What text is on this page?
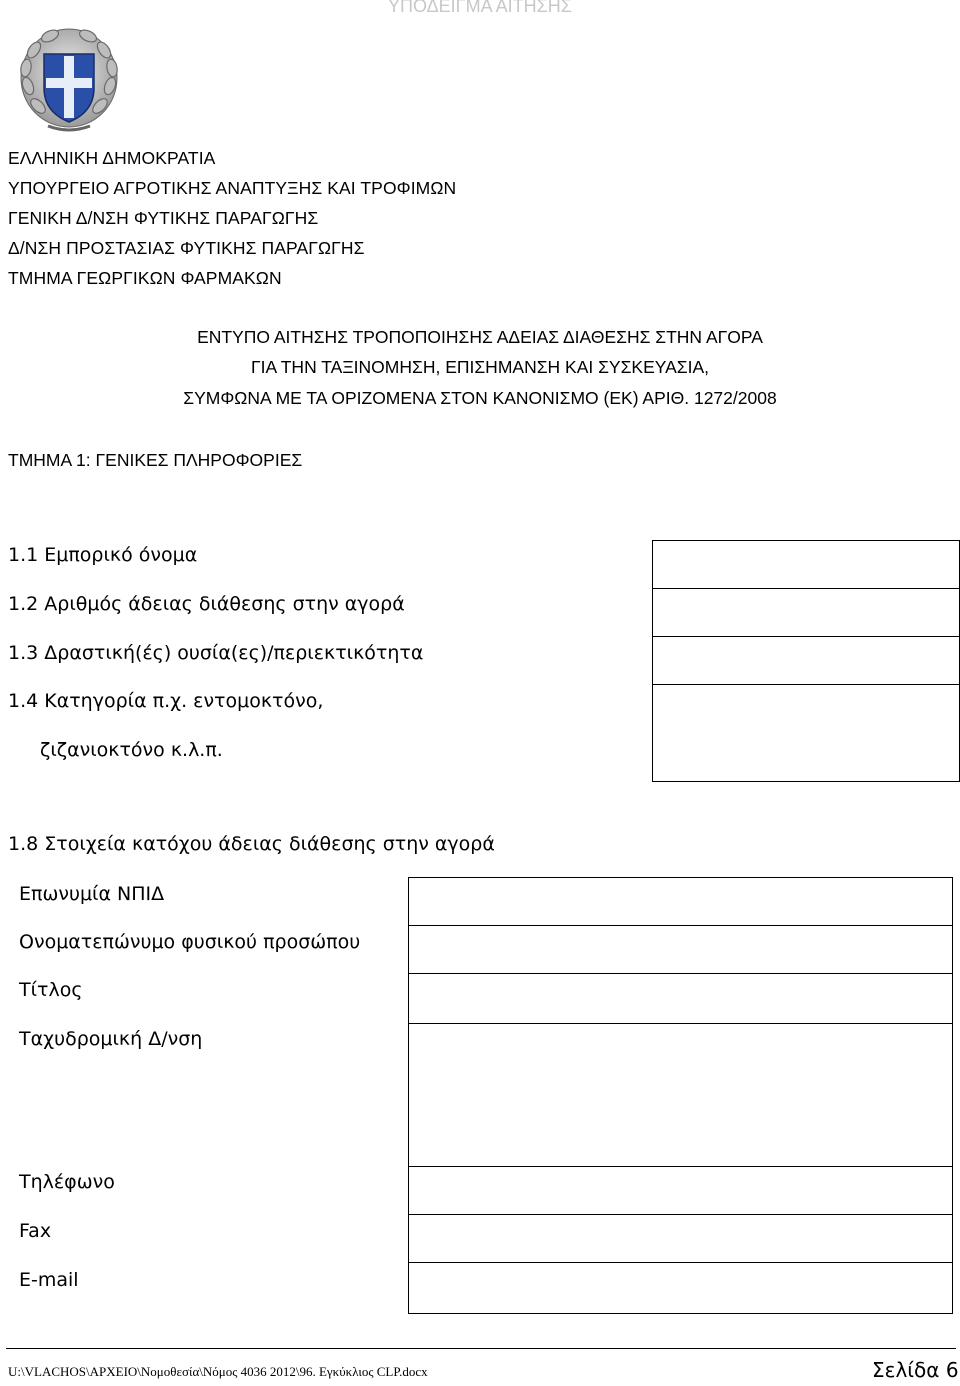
ΥΠΟΔΕΙΓΜΑ ΑΙΤΗΣΗΣ
ΕΛΛΗΝΙΚΗ ΔΗΜΟΚΡΑΤΙΑ
ΥΠΟΥΡΓΕΙΟ ΑΓΡΟΤΙΚΗΣ ΑΝΑΠΤΥΞΗΣ ΚΑΙ ΤΡΟΦΙΜΩΝ
ΓΕΝΙΚΗ Δ/ΝΣΗ ΦΥΤΙΚΗΣ ΠΑΡΑΓΩΓΗΣ
Δ/ΝΣΗ ΠΡΟΣΤΑΣΙΑΣ ΦΥΤΙΚΗΣ ΠΑΡΑΓΩΓΗΣ
ΤΜΗΜΑ ΓΕΩΡΓΙΚΩΝ ΦΑΡΜΑΚΩΝ
ΕΝΤΥΠΟ ΑΙΤΗΣΗΣ ΤΡΟΠΟΠΟΙΗΣΗΣ ΑΔΕΙΑΣ ΔΙΑΘΕΣΗΣ ΣΤΗΝ ΑΓΟΡΑ
ΓΙΑ ΤΗΝ ΤΑΞΙΝΟΜΗΣΗ, ΕΠΙΣΗΜΑΝΣΗ ΚΑΙ ΣΥΣΚΕΥΑΣΙΑ,
ΣΥΜΦΩΝΑ ΜΕ ΤΑ ΟΡΙΖΟΜΕΝΑ ΣΤΟΝ ΚΑΝΟΝΙΣΜΟ (ΕΚ) ΑΡΙΘ. 1272/2008
ΤΜΗΜΑ 1: ΓΕΝΙΚΕΣ ΠΛΗΡΟΦΟΡΙΕΣ
1.1 Εμπορικό όνομα
1.2 Αριθμός άδειας διάθεσης στην αγορά
1.3 Δραστική(ές) ουσία(ες)/περιεκτικότητα
1.4 Κατηγορία π.χ. εντομοκτόνο,
ζιζανιοκτόνο κ.λ.π.
1.8 Στοιχεία κατόχου άδειας διάθεσης στην αγορά
Επωνυμία ΝΠΙΔ
Ονοματεπώνυμο φυσικού προσώπου
Τίτλος
Ταχυδρομική Δ/νση
Τηλέφωνο
Fax
E-mail
U:\VLACHOS\ΑΡΧΕΙΟ\Νομοθεσία\Νόμος 4036 2012\96. Εγκύκλιος CLP.docx	Σελίδα 6
